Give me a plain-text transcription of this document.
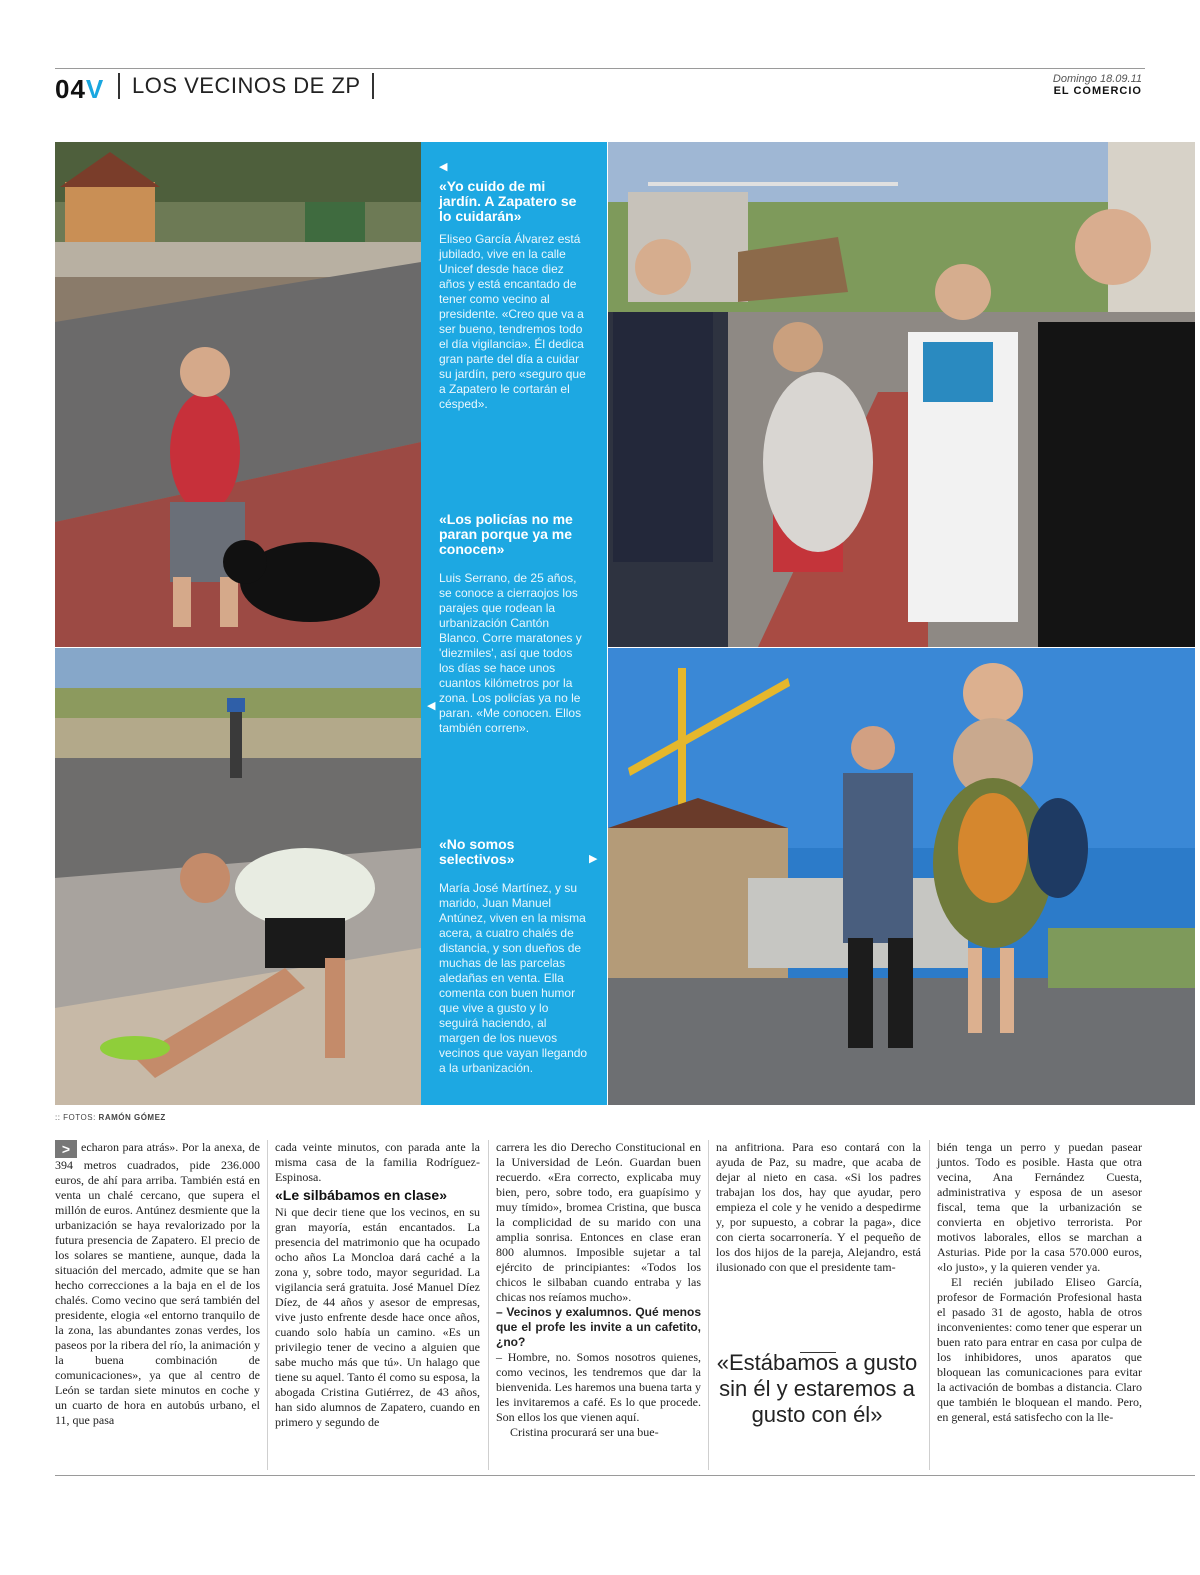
04V LOS VECINOS DE ZP	Domingo 18.09.11
EL COMERCIO
◀
«Yo cuido de mi jardín. A Zapatero se lo cuidarán»
Eliseo García Álvarez está jubilado, vive en la calle Unicef desde hace diez años y está encantado de tener como vecino al presidente. «Creo que va a ser bueno, tendremos todo el día vigilancia». Él dedica gran parte del día a cuidar su jardín, pero «seguro que a Zapatero le cortarán el césped».
«Los policías no me paran porque ya me conocen»
Luis Serrano, de 25 años, se conoce a cierraojos los parajes que rodean la urbanización Cantón Blanco. Corre maratones y 'diezmiles', así que todos los días se hace unos cuantos kilómetros por la zona. Los policías ya no le paran. «Me conocen. Ellos también corren».
◀
«No somos selectivos»
María José Martínez, y su marido, Juan Manuel Antúnez, viven en la misma acera, a cuatro chalés de distancia, y son dueños de muchas de las parcelas aledañas en venta. Ella comenta con buen humor que vive a gusto y lo seguirá haciendo, al margen de los nuevos vecinos que vayan llegando a la urbanización.
▶
:: FOTOS: RAMÓN GÓMEZ

> echaron para atrás». Por la anexa, de 394 metros cuadrados, pide 236.000 euros, de ahí para arriba. También está en venta un chalé cercano, que supera el millón de euros. Antúnez desmiente que la urbanización se haya revalorizado por la futura presencia de Zapatero. El precio de los solares se mantiene, aunque, dada la situación del mercado, admite que se han hecho correcciones a la baja en el de los chalés. Como vecino que será también del presidente, elogia «el entorno tranquilo de la zona, las abundantes zonas verdes, los paseos por la ribera del río, la animación y la buena combinación de comunicaciones», ya que al centro de León se tardan siete minutos en coche y un cuarto de hora en autobús urbano, el 11, que pasa

cada veinte minutos, con parada ante la misma casa de la familia Rodríguez-Espinosa.

«Le silbábamos en clase»

Ni que decir tiene que los vecinos, en su gran mayoría, están encantados. La presencia del matrimonio que ha ocupado ocho años La Moncloa dará caché a la zona y, sobre todo, mayor seguridad. La vigilancia será gratuita. José Manuel Díez Díez, de 44 años y asesor de empresas, vive justo enfrente desde hace once años, cuando solo había un camino. «Es un privilegio tener de vecino a alguien que sabe mucho más que tú». Un halago que tiene su aquel. Tanto él como su esposa, la abogada Cristina Gutiérrez, de 43 años, han sido alumnos de Zapatero, cuando en primero y segundo de

carrera les dio Derecho Constitucional en la Universidad de León. Guardan buen recuerdo. «Era correcto, explicaba muy bien, pero, sobre todo, era guapísimo y muy tímido», bromea Cristina, que busca la complicidad de su marido con una amplia sonrisa. Entonces en clase eran 800 alumnos. Imposible sujetar a tal ejército de principiantes: «Todos los chicos le silbaban cuando entraba y las chicas nos reíamos mucho».

– Vecinos y exalumnos. Qué menos que el profe les invite a un cafetito, ¿no?

– Hombre, no. Somos nosotros quienes, como vecinos, les tendremos que dar la bienvenida. Les haremos una buena tarta y les invitaremos a café. Es lo que procede. Son ellos los que vienen aquí.

Cristina procurará ser una bue-

na anfitriona. Para eso contará con la ayuda de Paz, su madre, que acaba de dejar al nieto en casa. «Si los padres trabajan los dos, hay que ayudar, pero empieza el cole y he venido a despedirme y, por supuesto, a cobrar la paga», dice con cierta socarronería. Y el pequeño de los dos hijos de la pareja, Alejandro, está ilusionado con que el presidente tam-

«Estábamos a gusto sin él y estaremos a gusto con él»

bién tenga un perro y puedan pasear juntos. Todo es posible. Hasta que otra vecina, Ana Fernández Cuesta, administrativa y esposa de un asesor fiscal, tema que la urbanización se convierta en objetivo terrorista. Por motivos laborales, ellos se marchan a Asturias. Pide por la casa 570.000 euros, «lo justo», y la quieren vender ya.

El recién jubilado Eliseo García, profesor de Formación Profesional hasta el pasado 31 de agosto, habla de otros inconvenientes: como tener que esperar un buen rato para entrar en casa por culpa de los inhibidores, unos aparatos que bloquean las comunicaciones para evitar la activación de bombas a distancia. Claro que también le bloquean el mando. Pero, en general, está satisfecho con la lle-
